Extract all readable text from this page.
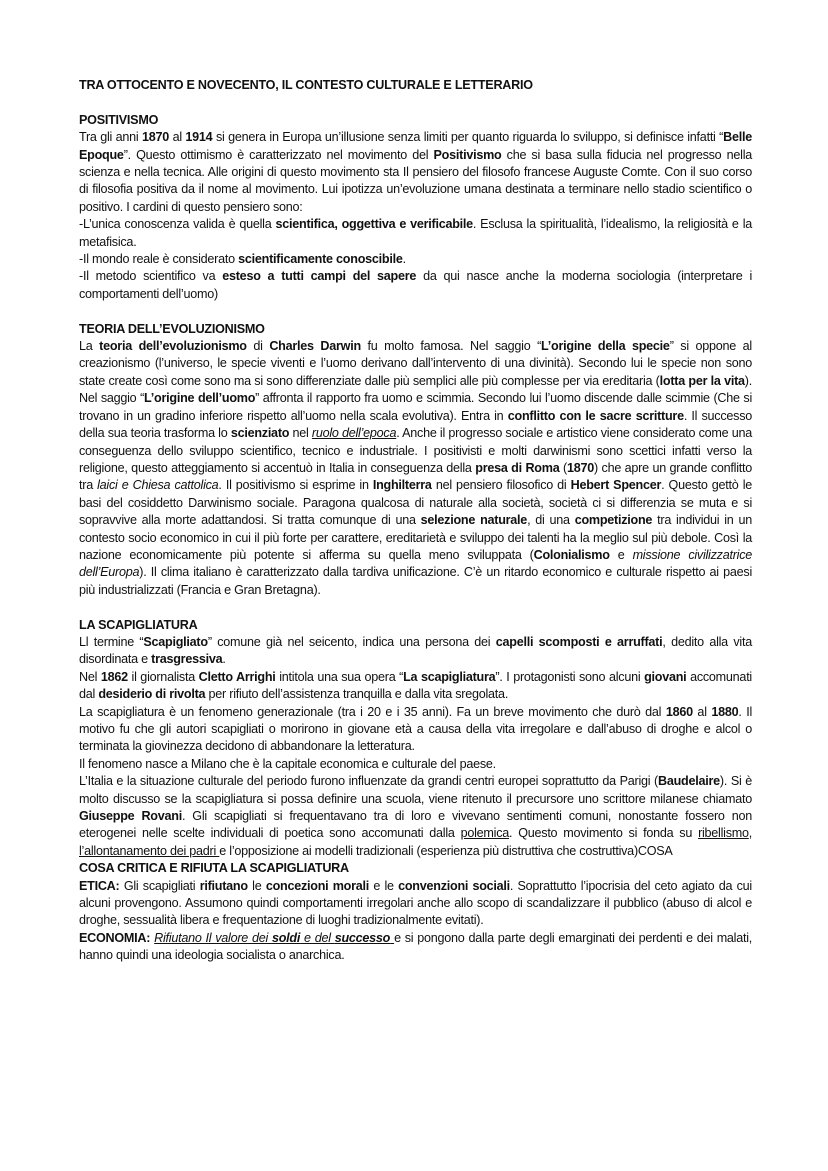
TRA OTTOCENTO E NOVECENTO, IL CONTESTO CULTURALE E LETTERARIO
POSITIVISMO
Tra gli anni 1870 al 1914 si genera in Europa un’illusione senza limiti per quanto riguarda lo sviluppo, si definisce infatti “Belle Epoque”. Questo ottimismo è caratterizzato nel movimento del Positivismo che si basa sulla fiducia nel progresso nella scienza e nella tecnica. Alle origini di questo movimento sta Il pensiero del filosofo francese Auguste Comte. Con il suo corso di filosofia positiva da il nome al movimento. Lui ipotizza un’evoluzione umana destinata a terminare nello stadio scientifico o positivo. I cardini di questo pensiero sono:
-L’unica conoscenza valida è quella scientifica, oggettiva e verificabile. Esclusa la spiritualità, l’idealismo, la religiosità e la metafisica.
-Il mondo reale è considerato scientificamente conoscibile.
-Il metodo scientifico va esteso a tutti campi del sapere da qui nasce anche la moderna sociologia (interpretare i comportamenti dell’uomo)
TEORIA DELL’EVOLUZIONISMO
La teoria dell’evoluzionismo di Charles Darwin fu molto famosa. Nel saggio “L’origine della specie” si oppone al creazionismo (l’universo, le specie viventi e l’uomo derivano dall’intervento di una divinità). Secondo lui le specie non sono state create così come sono ma si sono differenziate dalle più semplici alle più complesse per via ereditaria (lotta per la vita). Nel saggio “L’origine dell’uomo” affronta il rapporto fra uomo e scimmia. Secondo lui l’uomo discende dalle scimmie (Che si trovano in un gradino inferiore rispetto all’uomo nella scala evolutiva). Entra in conflitto con le sacre scritture. Il successo della sua teoria trasforma lo scienziato nel ruolo dell’epoca. Anche il progresso sociale e artistico viene considerato come una conseguenza dello sviluppo scientifico, tecnico e industriale. I positivisti e molti darwinismi sono scettici infatti verso la religione, questo atteggiamento si accentuò in Italia in conseguenza della presa di Roma (1870) che apre un grande conflitto tra laici e Chiesa cattolica. Il positivismo si esprime in Inghilterra nel pensiero filosofico di Hebert Spencer. Questo gettò le basi del cosiddetto Darwinismo sociale. Paragona qualcosa di naturale alla società, società ci si differenzia se muta e si sopravvive alla morte adattandosi. Si tratta comunque di una selezione naturale, di una competizione tra individui in un contesto socio economico in cui il più forte per carattere, ereditarietà e sviluppo dei talenti ha la meglio sul più debole. Così la nazione economicamente più potente si afferma su quella meno sviluppata (Colonialismo e missione civilizzatrice dell’Europa). Il clima italiano è caratterizzato dalla tardiva unificazione. C’è un ritardo economico e culturale rispetto ai paesi più industrializzati (Francia e Gran Bretagna).
LA SCAPIGLIATURA
Ll termine “Scapigliato” comune già nel seicento, indica una persona dei capelli scomposti e arruffati, dedito alla vita disordinata e trasgressiva.
Nel 1862 il giornalista Cletto Arrighi intitola una sua opera “La scapigliatura”. I protagonisti sono alcuni giovani accomunati dal desiderio di rivolta per rifiuto dell’assistenza tranquilla e dalla vita sregolata.
La scapigliatura è un fenomeno generazionale (tra i 20 e i 35 anni). Fa un breve movimento che durò dal 1860 al 1880. Il motivo fu che gli autori scapigliati o morirono in giovane età a causa della vita irregolare e dall’abuso di droghe e alcol o terminata la giovinezza decidono di abbandonare la letteratura.
Il fenomeno nasce a Milano che è la capitale economica e culturale del paese.
L’Italia e la situazione culturale del periodo furono influenzate da grandi centri europei soprattutto da Parigi (Baudelaire). Si è molto discusso se la scapigliatura si possa definire una scuola, viene ritenuto il precursore uno scrittore milanese chiamato Giuseppe Rovani. Gli scapigliati si frequentavano tra di loro e vivevano sentimenti comuni, nonostante fossero non eterogenei nelle scelte individuali di poetica sono accomunati dalla polemica. Questo movimento si fonda su ribellismo, l’allontanamento dei padri e l’opposizione ai modelli tradizionali (esperienza più distruttiva che costruttiva)COSA
COSA CRITICA E RIFIUTA LA SCAPIGLIATURA
ETICA: Gli scapigliati rifiutano le concezioni morali e le convenzioni sociali. Soprattutto l’ipocrisia del ceto agiato da cui alcuni provengono. Assumono quindi comportamenti irregolari anche allo scopo di scandalizzare il pubblico (abuso di alcol e droghe, sessualità libera e frequentazione di luoghi tradizionalmente evitati).
ECONOMIA: Rifiutano Il valore dei soldi e del successo e si pongono dalla parte degli emarginati dei perdenti e dei malati, hanno quindi una ideologia socialista o anarchica.
